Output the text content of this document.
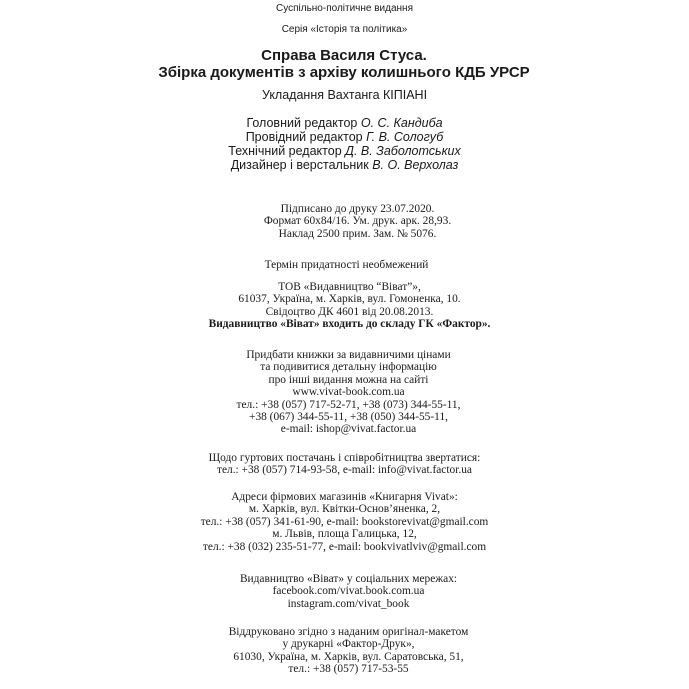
Суспільно-політичне видання
Серія «Історія та політика»
Справа Василя Стуса.
Збірка документів з архіву колишнього КДБ УРСР
Укладання Вахтанга КІПІАНІ
Головний редактор О. С. Кандиба
Провідний редактор Г. В. Сологуб
Технічний редактор Д. В. Заболотських
Дизайнер і верстальник В. О. Верхолаз
Підписано до друку 23.07.2020.
Формат 60х84/16. Ум. друк. арк. 28,93.
Наклад 2500 прим. Зам. № 5076.
Термін придатності необмежений
ТОВ «Видавництво “Віват”»,
61037, Україна, м. Харків, вул. Гомоненка, 10.
Свідоцтво ДК 4601 від 20.08.2013.
Видавництво «Віват» входить до складу ГК «Фактор».
Придбати книжки за видавничими цінами
та подивитися детальну інформацію
про інші видання можна на сайті
www.vivat-book.com.ua
тел.: +38 (057) 717-52-71, +38 (073) 344-55-11,
+38 (067) 344-55-11, +38 (050) 344-55-11,
e-mail: ishop@vivat.factor.ua
Щодо гуртових постачань і співробітництва звертатися:
тел.: +38 (057) 714-93-58, e-mail: info@vivat.factor.ua
Адреси фірмових магазинів «Книгарня Vivat»:
м. Харків, вул. Квітки-Основ’яненка, 2,
тел.: +38 (057) 341-61-90, e-mail: bookstorevivat@gmail.com
м. Львів, площа Галицька, 12,
тел.: +38 (032) 235-51-77, e-mail: bookvivatlviv@gmail.com
Видавництво «Віват» у соціальних мережах:
facebook.com/vivat.book.com.ua
instagram.com/vivat_book
Віддруковано згідно з наданим оригінал-макетом
у друкарні «Фактор-Друк»,
61030, Україна, м. Харків, вул. Саратовська, 51,
тел.: +38 (057) 717-53-55
